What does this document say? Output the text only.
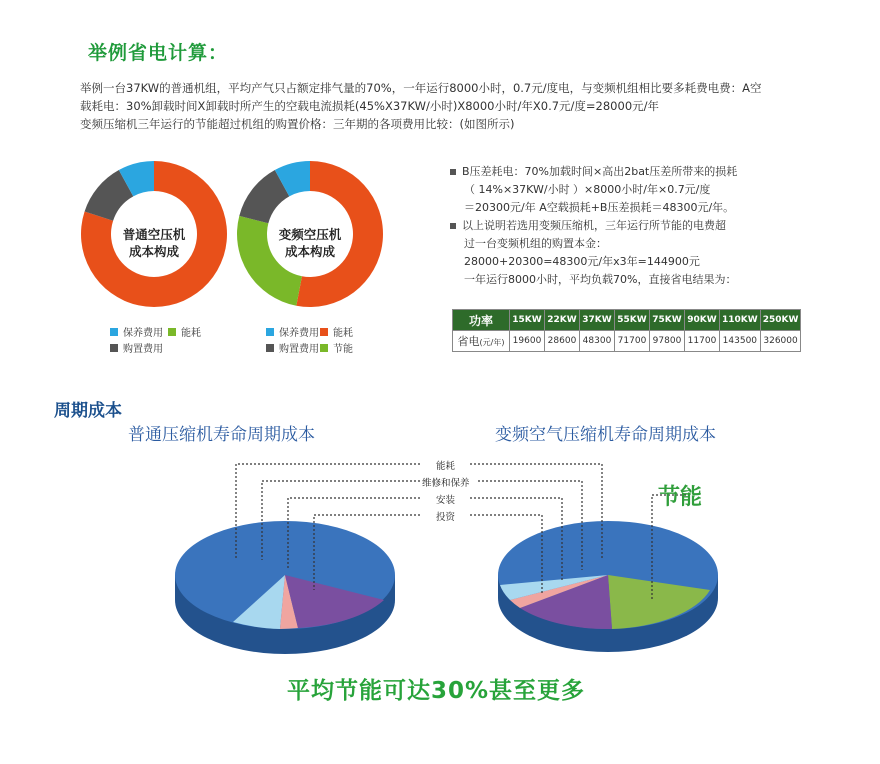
举例省电计算：
举例一台37KW的普通机组，平均产气只占额定排气量的70%，一年运行8000小时，0.7元/度电，与变频机组相比要多耗费电费：A空
载耗电：30%卸载时间X卸载时所产生的空载电流损耗(45%X37KW/小时)X8000小时/年X0.7元/度=28000元/年
变频压缩机三年运行的节能超过机组的购置价格：三年期的各项费用比较：(如图所示)
普通空压机
成本构成
变频空压机
成本构成
保养费用 能耗
购置费用
保养费用 能耗
购置费用 节能
B压差耗电：70%加载时间×高出2bat压差所带来的损耗
（ 14%×37KW/小时 ）×8000小时/年×0.7元/度
＝20300元/年 A空载损耗+B压差损耗＝48300元/年。
以上说明若选用变频压缩机，三年运行所节能的电费超
过一台变频机组的购置本金：
28000+20300=48300元/年x3年=144900元
一年运行8000小时，平均负载70%，直接省电结果为：
功率	15KW	22KW	37KW	55KW	75KW	90KW	110KW	250KW
省电(元/年)	19600	28600	48300	71700	97800	11700	143500	326000
周期成本
普通压缩机寿命周期成本	变频空气压缩机寿命周期成本
能耗
维修和保养
安装
投资
节能
平均节能可达30%甚至更多
